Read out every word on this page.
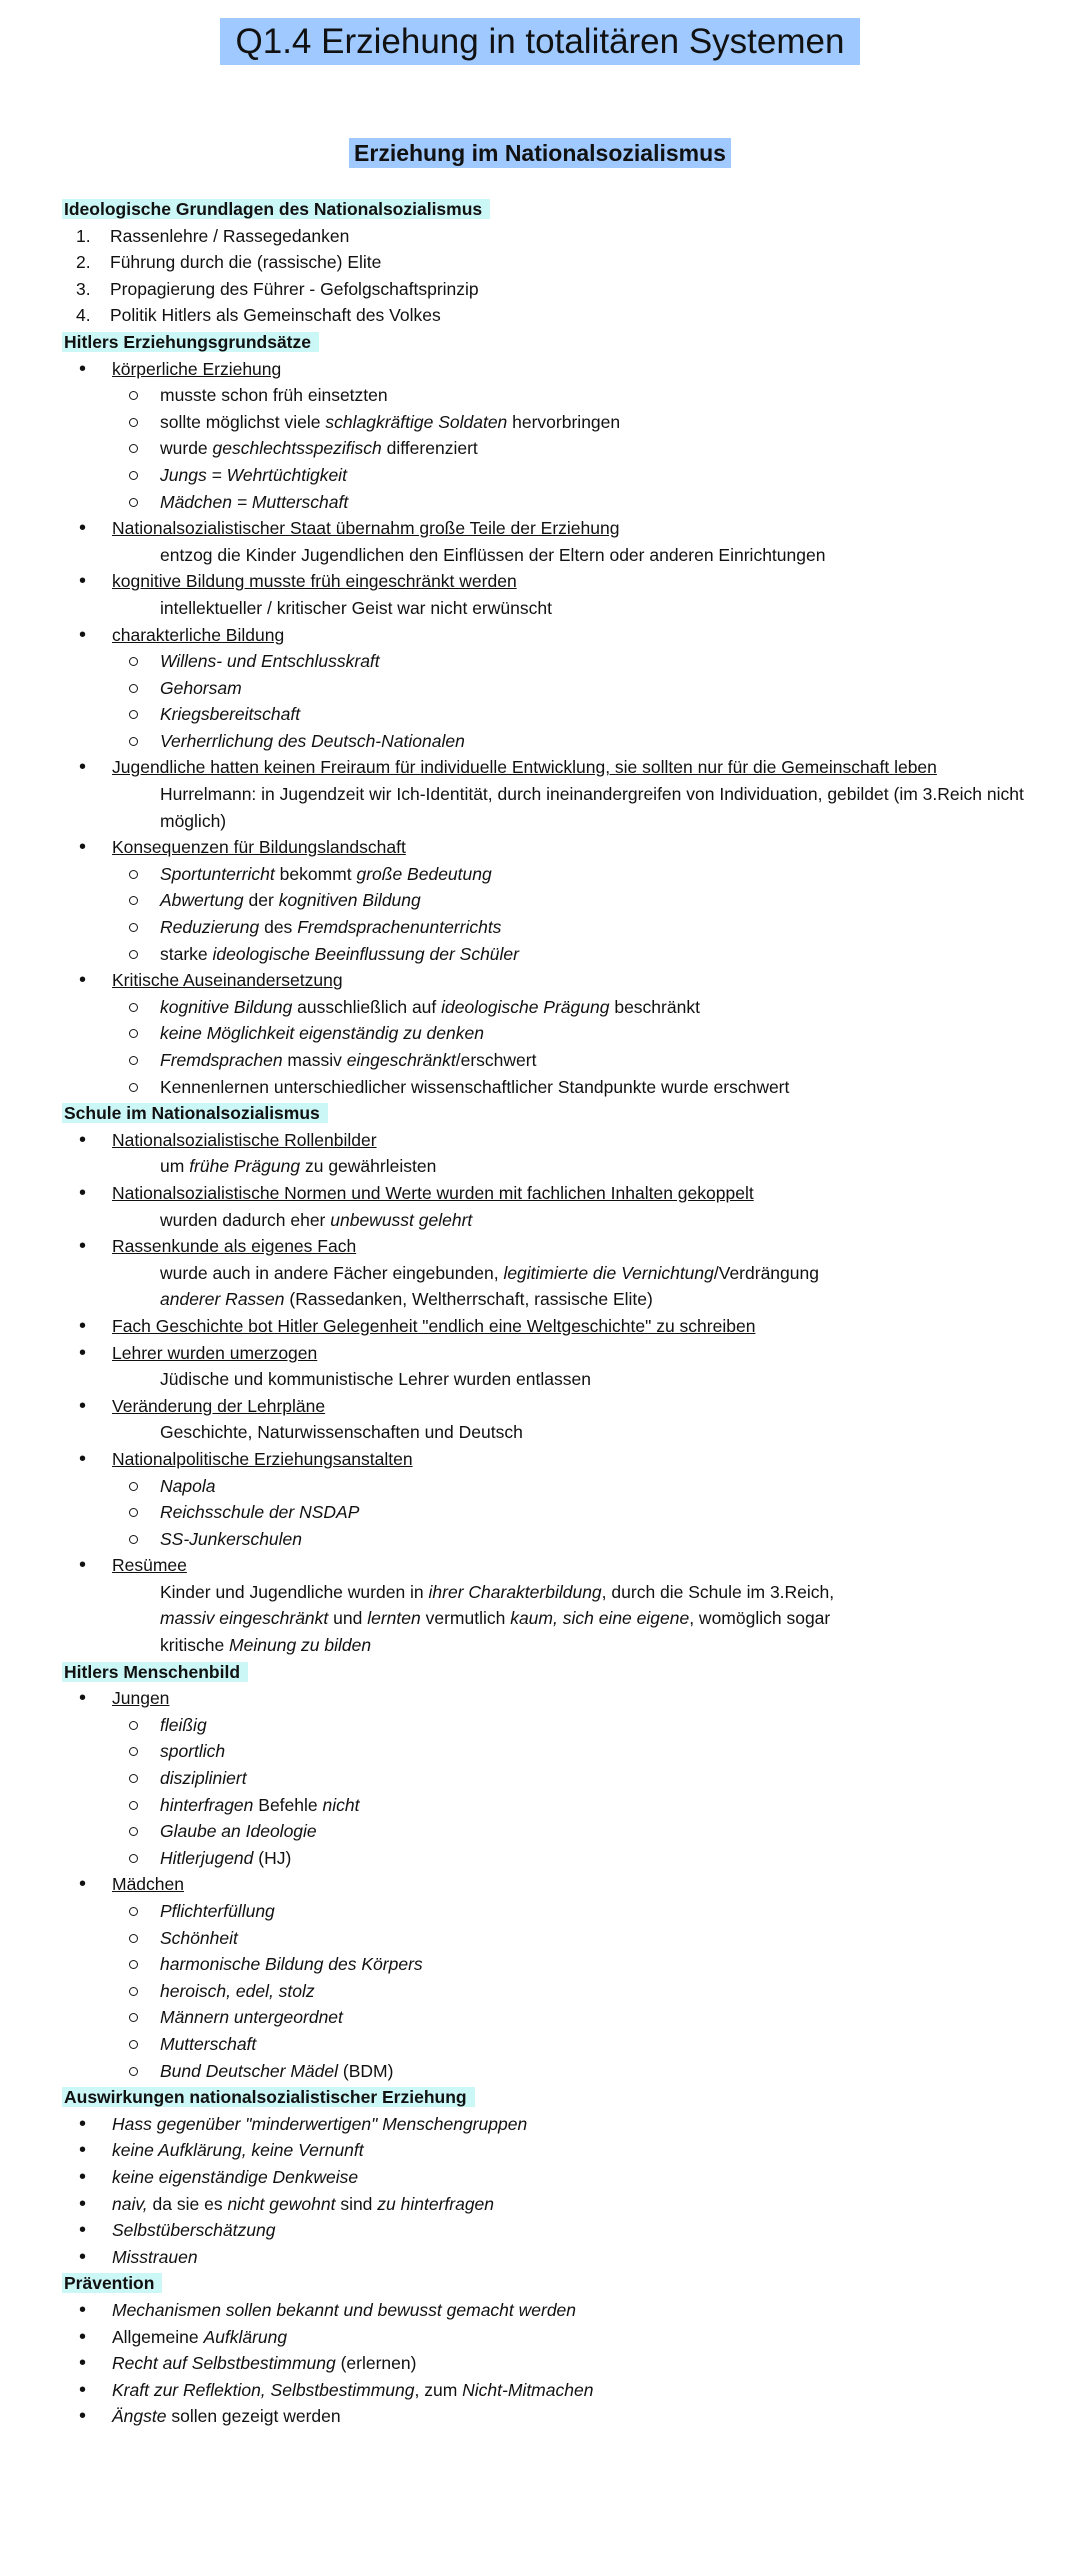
Q1.4 Erziehung in totalitären Systemen
Erziehung im Nationalsozialismus

Ideologische Grundlagen des Nationalsozialismus

1. Rassenlehre / Rassegedanken

2. Führung durch die (rassische) Elite

3. Propagierung des Führer - Gefolgschaftsprinzip

4. Politik Hitlers als Gemeinschaft des Volkes

Hitlers Erziehungsgrundsätze

• körperliche Erziehung

musste schon früh einsetzten

sollte möglichst viele schlagkräftige Soldaten hervorbringen

wurde geschlechtsspezifisch differenziert

Jungs = Wehrtüchtigkeit

Mädchen = Mutterschaft

• Nationalsozialistischer Staat übernahm große Teile der Erziehung

entzog die Kinder Jugendlichen den Einflüssen der Eltern oder anderen Einrichtungen

• kognitive Bildung musste früh eingeschränkt werden

intellektueller / kritischer Geist war nicht erwünscht

• charakterliche Bildung

Willens- und Entschlusskraft

Gehorsam

Kriegsbereitschaft

Verherrlichung des Deutsch-Nationalen

• Jugendliche hatten keinen Freiraum für individuelle Entwicklung, sie sollten nur für die Gemeinschaft leben

Hurrelmann: in Jugendzeit wir Ich-Identität, durch ineinandergreifen von Individuation, gebildet (im 3.Reich nicht möglich)

• Konsequenzen für Bildungslandschaft

Sportunterricht bekommt große Bedeutung

Abwertung der kognitiven Bildung

Reduzierung des Fremdsprachenunterrichts

starke ideologische Beeinflussung der Schüler

• Kritische Auseinandersetzung

kognitive Bildung ausschließlich auf ideologische Prägung beschränkt

keine Möglichkeit eigenständig zu denken

Fremdsprachen massiv eingeschränkt/erschwert

Kennenlernen unterschiedlicher wissenschaftlicher Standpunkte wurde erschwert

Schule im Nationalsozialismus

• Nationalsozialistische Rollenbilder

um frühe Prägung zu gewährleisten

• Nationalsozialistische Normen und Werte wurden mit fachlichen Inhalten gekoppelt

wurden dadurch eher unbewusst gelehrt

• Rassenkunde als eigenes Fach

wurde auch in andere Fächer eingebunden, legitimierte die Vernichtung/Verdrängung

anderer Rassen (Rassedanken, Weltherrschaft, rassische Elite)

• Fach Geschichte bot Hitler Gelegenheit "endlich eine Weltgeschichte" zu schreiben

• Lehrer wurden umerzogen

Jüdische und kommunistische Lehrer wurden entlassen

• Veränderung der Lehrpläne

Geschichte, Naturwissenschaften und Deutsch

• Nationalpolitische Erziehungsanstalten

Napola

Reichsschule der NSDAP

SS-Junkerschulen

• Resümee

Kinder und Jugendliche wurden in ihrer Charakterbildung, durch die Schule im 3.Reich,

massiv eingeschränkt und lernten vermutlich kaum, sich eine eigene, womöglich sogar

kritische Meinung zu bilden

Hitlers Menschenbild

• Jungen

fleißig

sportlich

diszipliniert

hinterfragen Befehle nicht

Glaube an Ideologie

Hitlerjugend (HJ)

• Mädchen

Pflichterfüllung

Schönheit

harmonische Bildung des Körpers

heroisch, edel, stolz

Männern untergeordnet

Mutterschaft

Bund Deutscher Mädel (BDM)

Auswirkungen nationalsozialistischer Erziehung

• Hass gegenüber "minderwertigen" Menschengruppen

• keine Aufklärung, keine Vernunft

• keine eigenständige Denkweise

• naiv, da sie es nicht gewohnt sind zu hinterfragen

• Selbstüberschätzung

• Misstrauen

Prävention

• Mechanismen sollen bekannt und bewusst gemacht werden

• Allgemeine Aufklärung

• Recht auf Selbstbestimmung (erlernen)

• Kraft zur Reflektion, Selbstbestimmung, zum Nicht-Mitmachen

• Ängste sollen gezeigt werden
